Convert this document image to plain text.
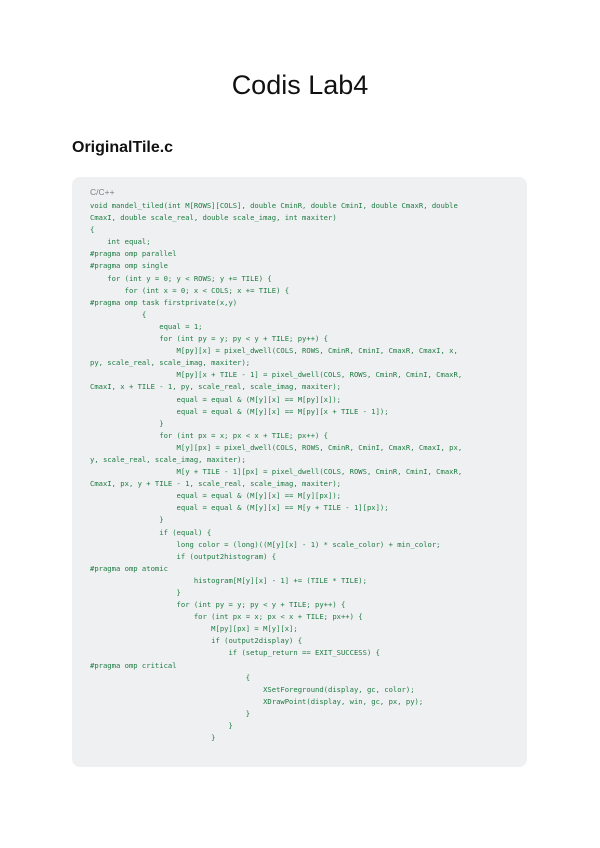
Codis Lab4
OriginalTile.c
C/C++
void mandel_tiled(int M[ROWS][COLS], double CminR, double CminI, double CmaxR, double
CmaxI, double scale_real, double scale_imag, int maxiter)
{
int equal;
#pragma omp parallel
#pragma omp single
for (int y = 0; y < ROWS; y += TILE) {
for (int x = 0; x < COLS; x += TILE) {
#pragma omp task firstprivate(x,y)
{
equal = 1;
for (int py = y; py < y + TILE; py++) {
M[py][x] = pixel_dwell(COLS, ROWS, CminR, CminI, CmaxR, CmaxI, x,
py, scale_real, scale_imag, maxiter);
M[py][x + TILE - 1] = pixel_dwell(COLS, ROWS, CminR, CminI, CmaxR,
CmaxI, x + TILE - 1, py, scale_real, scale_imag, maxiter);
equal = equal & (M[y][x] == M[py][x]);
equal = equal & (M[y][x] == M[py][x + TILE - 1]);
}
for (int px = x; px < x + TILE; px++) {
M[y][px] = pixel_dwell(COLS, ROWS, CminR, CminI, CmaxR, CmaxI, px,
y, scale_real, scale_imag, maxiter);
M[y + TILE - 1][px] = pixel_dwell(COLS, ROWS, CminR, CminI, CmaxR,
CmaxI, px, y + TILE - 1, scale_real, scale_imag, maxiter);
equal = equal & (M[y][x] == M[y][px]);
equal = equal & (M[y][x] == M[y + TILE - 1][px]);
}
if (equal) {
long color = (long)((M[y][x] - 1) * scale_color) + min_color;
if (output2histogram) {
#pragma omp atomic
histogram[M[y][x] - 1] += (TILE * TILE);
}
for (int py = y; py < y + TILE; py++) {
for (int px = x; px < x + TILE; px++) {
M[py][px] = M[y][x];
if (output2display) {
if (setup_return == EXIT_SUCCESS) {
#pragma omp critical
{
XSetForeground(display, gc, color);
XDrawPoint(display, win, gc, px, py);
}
}
}
